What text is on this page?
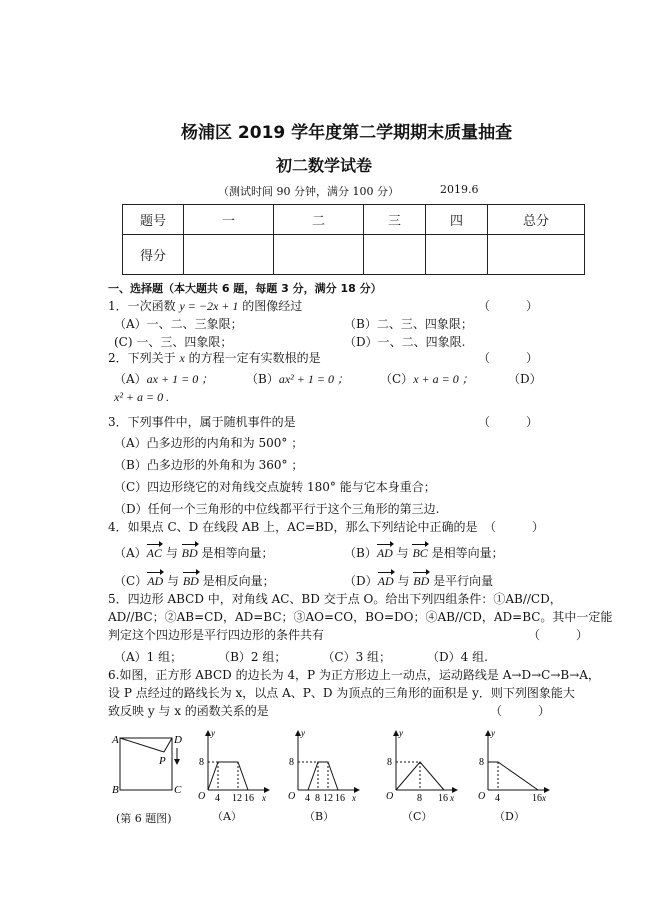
杨浦区 2019 学年度第二学期期末质量抽查
初二数学试卷
（测试时间 90 分钟，满分 100 分）	2019.6
题号	一	二	三	四	总分
得分					
一、选择题（本大题共 6 题，每题 3 分，满分 18 分）
1．一次函数 y = −2x + 1 的图像经过	（　　　）
（A）一、二、三象限；	（B）二、三、四象限；
(C) 一、三、四象限；	（D）一、二、四象限.
2．下列关于 x 的方程一定有实数根的是	（　　　）
（A）ax + 1 = 0 ；	（B）ax² + 1 = 0 ；	（C）x + a = 0 ；	（D）
x² + a = 0 .
3．下列事件中，属于随机事件的是	（　　　）
（A）凸多边形的内角和为 500° ；
（B）凸多边形的外角和为 360° ；
（C）四边形绕它的对角线交点旋转 180° 能与它本身重合；
（D）任何一个三角形的中位线都平行于这个三角形的第三边.
4．如果点 C、D 在线段 AB 上，AC=BD，那么下列结论中正确的是 （　　　）
（A）AC 与 BD 是相等向量；	（B）AD 与 BC 是相等向量；
（C）AD 与 BD 是相反向量；	（D）AD 与 BD 是平行向量
5．四边形 ABCD 中，对角线 AC、BD 交于点 O。给出下列四组条件：①AB//CD，
AD//BC；②AB=CD，AD=BC；③AO=CO，BO=DO；④AB//CD，AD=BC。其中一定能
判定这个四边形是平行四边形的条件共有	（　　　）
（A）1 组；　　　　（B）2 组；　　　　（C）3 组；　　　　（D）4 组.
6.如图，正方形 ABCD 的边长为 4，P 为正方形边上一动点，运动路线是 A→D→C→B→A，
设 P 点经过的路线长为 x，以点 A、P、D 为顶点的三角形的面积是 y．则下列图象能大
致反映 y 与 x 的函数关系的是	（　　　）
A	D
B	C
P
(第 6 题图)
y
x
O
8
4 12 16
（A）
y
x
O
8
4 8 12 16
（B）
y
x
O
8
8 16
（C）
y
x
O
8
4	16
（D）
